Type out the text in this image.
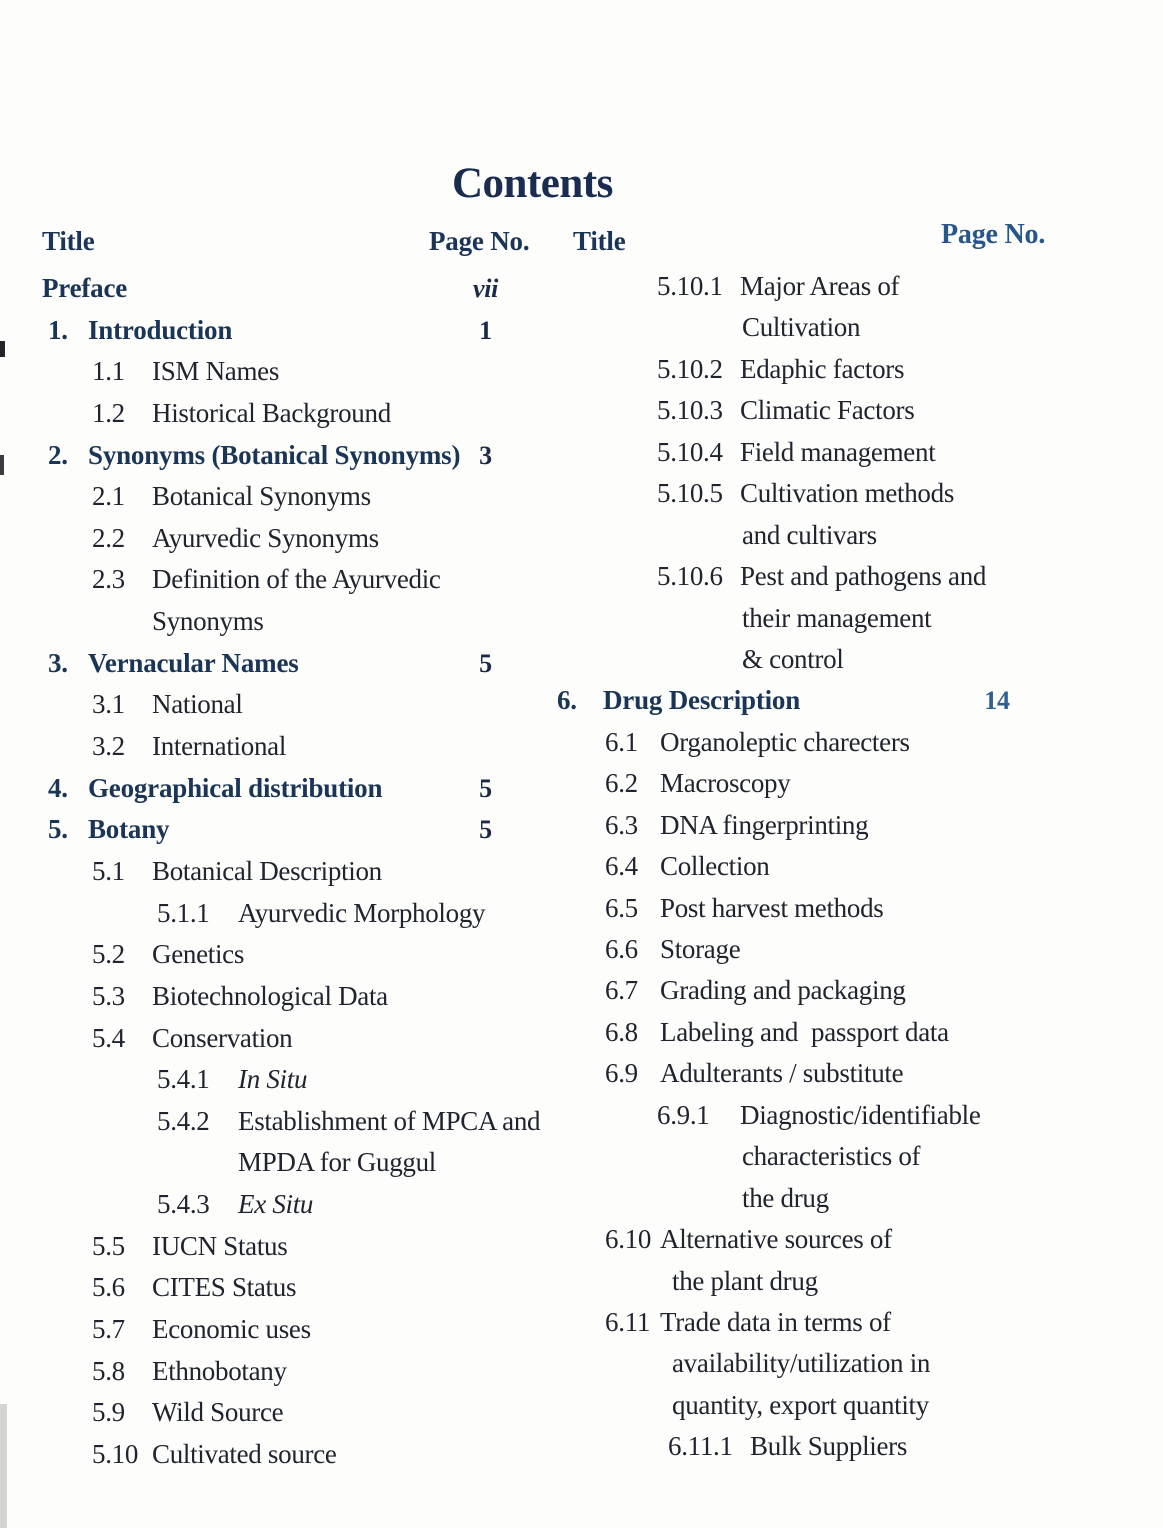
Contents
Title	Page No. Title	Page No.
Preface	vii
1. Introduction	1
1.1 ISM Names
1.2 Historical Background
2. Synonyms (Botanical Synonyms) 3
2.1 Botanical Synonyms
2.2 Ayurvedic Synonyms
2.3 Definition of the Ayurvedic
Synonyms
3. Vernacular Names	5
3.1 National
3.2 International
4. Geographical distribution	5
5. Botany	5
5.1 Botanical Description
5.1.1 Ayurvedic Morphology
5.2 Genetics
5.3 Biotechnological Data
5.4 Conservation
5.4.1 In Situ
5.4.2 Establishment of MPCA and
MPDA for Guggul
5.4.3 Ex Situ
5.5 IUCN Status
5.6 CITES Status
5.7 Economic uses
5.8 Ethnobotany
5.9 Wild Source
5.10 Cultivated source
5.10.1 Major Areas of
Cultivation
5.10.2 Edaphic factors
5.10.3 Climatic Factors
5.10.4 Field management
5.10.5 Cultivation methods
and cultivars
5.10.6 Pest and pathogens and
their management
& control
6. Drug Description	14
6.1 Organoleptic charecters
6.2 Macroscopy
6.3 DNA fingerprinting
6.4 Collection
6.5 Post harvest methods
6.6 Storage
6.7 Grading and packaging
6.8 Labeling and  passport data
6.9 Adulterants / substitute
6.9.1 Diagnostic/identifiable
characteristics of
the drug
6.10 Alternative sources of
the plant drug
6.11 Trade data in terms of
availability/utilization in
quantity, export quantity
6.11.1 Bulk Suppliers
